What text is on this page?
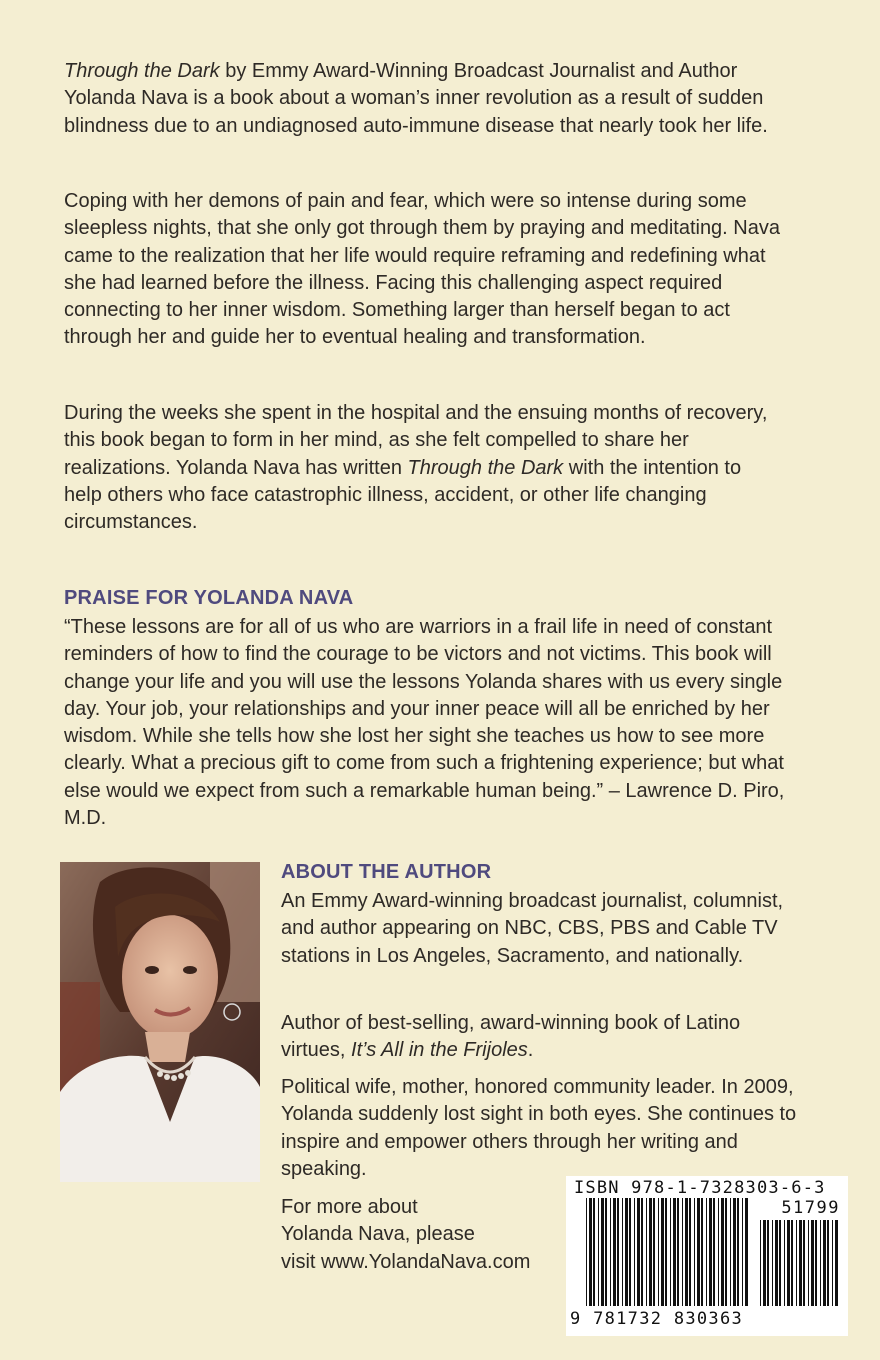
Through the Dark by Emmy Award-Winning Broadcast Journalist and Author Yolanda Nava is a book about a woman’s inner revolution as a result of sudden blindness due to an undiagnosed auto-immune disease that nearly took her life.

Coping with her demons of pain and fear, which were so intense during some sleepless nights, that she only got through them by praying and meditating. Nava came to the realization that her life would require reframing and redefining what she had learned before the illness. Facing this challenging aspect required connecting to her inner wisdom. Something larger than herself began to act through her and guide her to eventual healing and transformation.

During the weeks she spent in the hospital and the ensuing months of recovery, this book began to form in her mind, as she felt compelled to share her realizations. Yolanda Nava has written Through the Dark with the intention to help others who face catastrophic illness, accident, or other life changing circumstances.

PRAISE FOR YOLANDA NAVA

“These lessons are for all of us who are warriors in a frail life in need of constant reminders of how to find the courage to be victors and not victims. This book will change your life and you will use the lessons Yolanda shares with us every single day. Your job, your relationships and your inner peace will all be enriched by her wisdom. While she tells how she lost her sight she teaches us how to see more clearly. What a precious gift to come from such a frightening experience; but what else would we expect from such a remarkable human being.” – Lawrence D. Piro, M.D.

ABOUT THE AUTHOR

An Emmy Award-winning broadcast journalist, columnist, and author appearing on NBC, CBS, PBS and Cable TV stations in Los Angeles, Sacramento, and nationally.

Author of best-selling, award-winning book of Latino virtues, It’s All in the Frijoles.

Political wife, mother, honored community leader. In 2009, Yolanda suddenly lost sight in both eyes. She continues to inspire and empower others through her writing and speaking.

For more about
Yolanda Nava, please
visit www.YolandaNava.com
ISBN 978-1-7328303-6-3
51799
9 781732 830363
